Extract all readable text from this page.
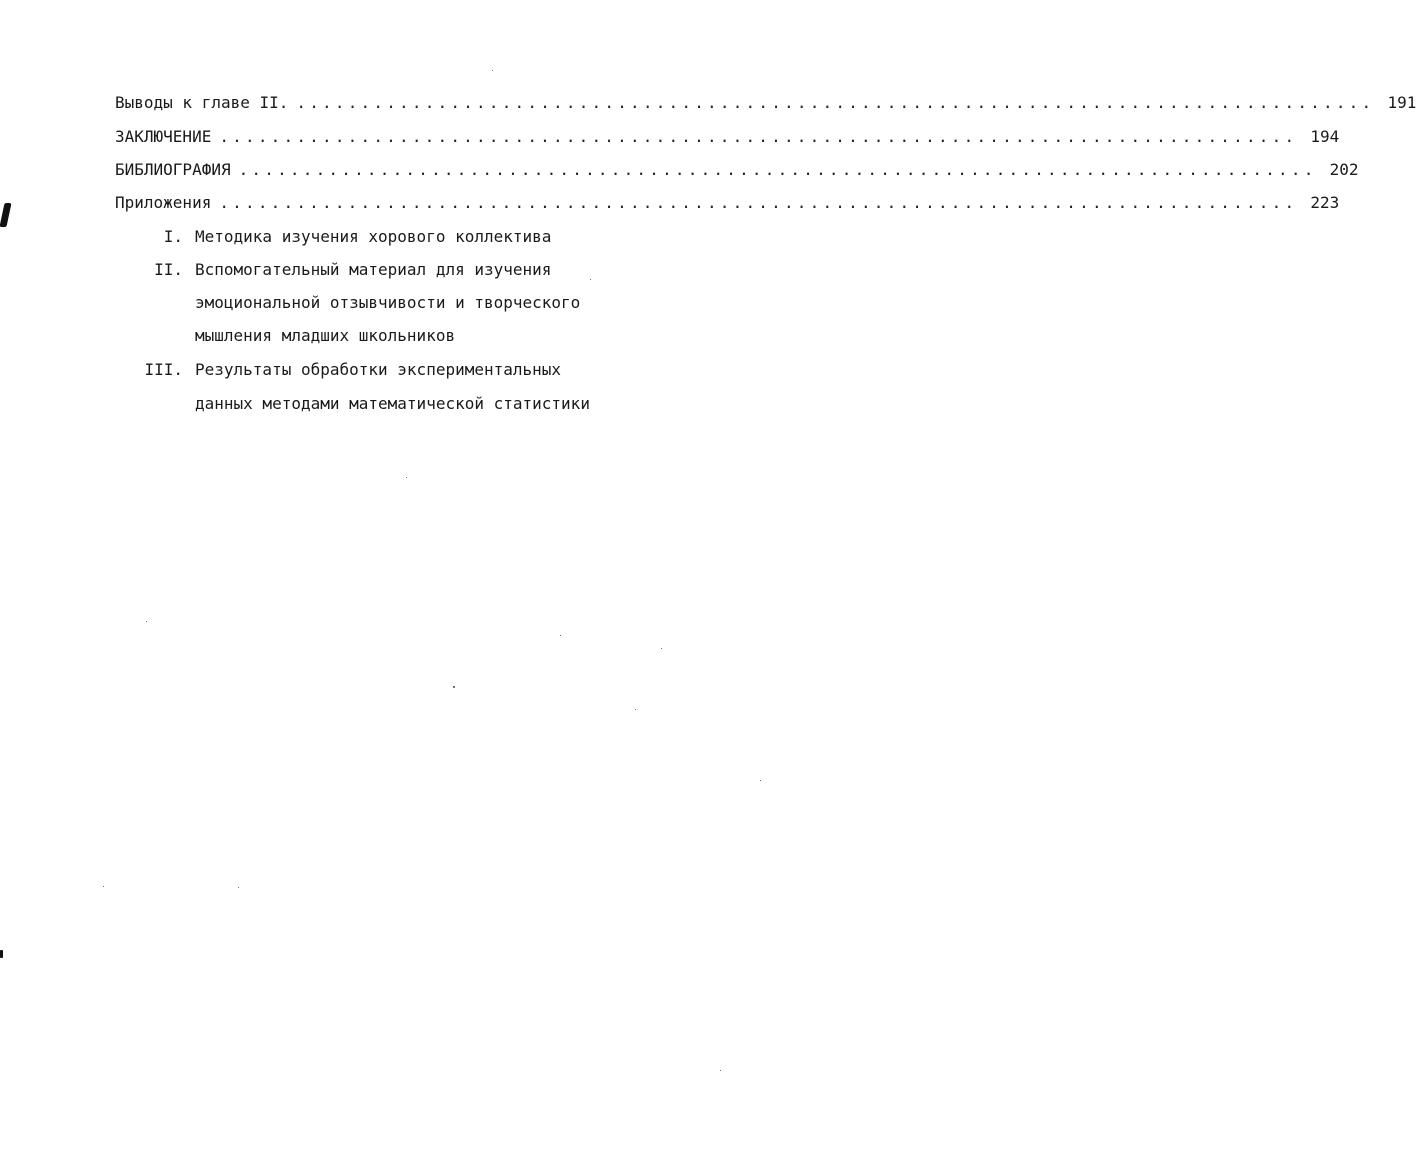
Выводы к главе II. .................................................................................... 191
ЗАКЛЮЧЕНИЕ .................................................................................... 194
БИБЛИОГРАФИЯ .................................................................................... 202
Приложения .................................................................................... 223
I. Методика изучения хорового коллектива
II. Вспомогательный материал для изучения
эмоциональной отзывчивости и творческого
мышления младших школьников
III. Результаты обработки экспериментальных
данных методами математической статистики
